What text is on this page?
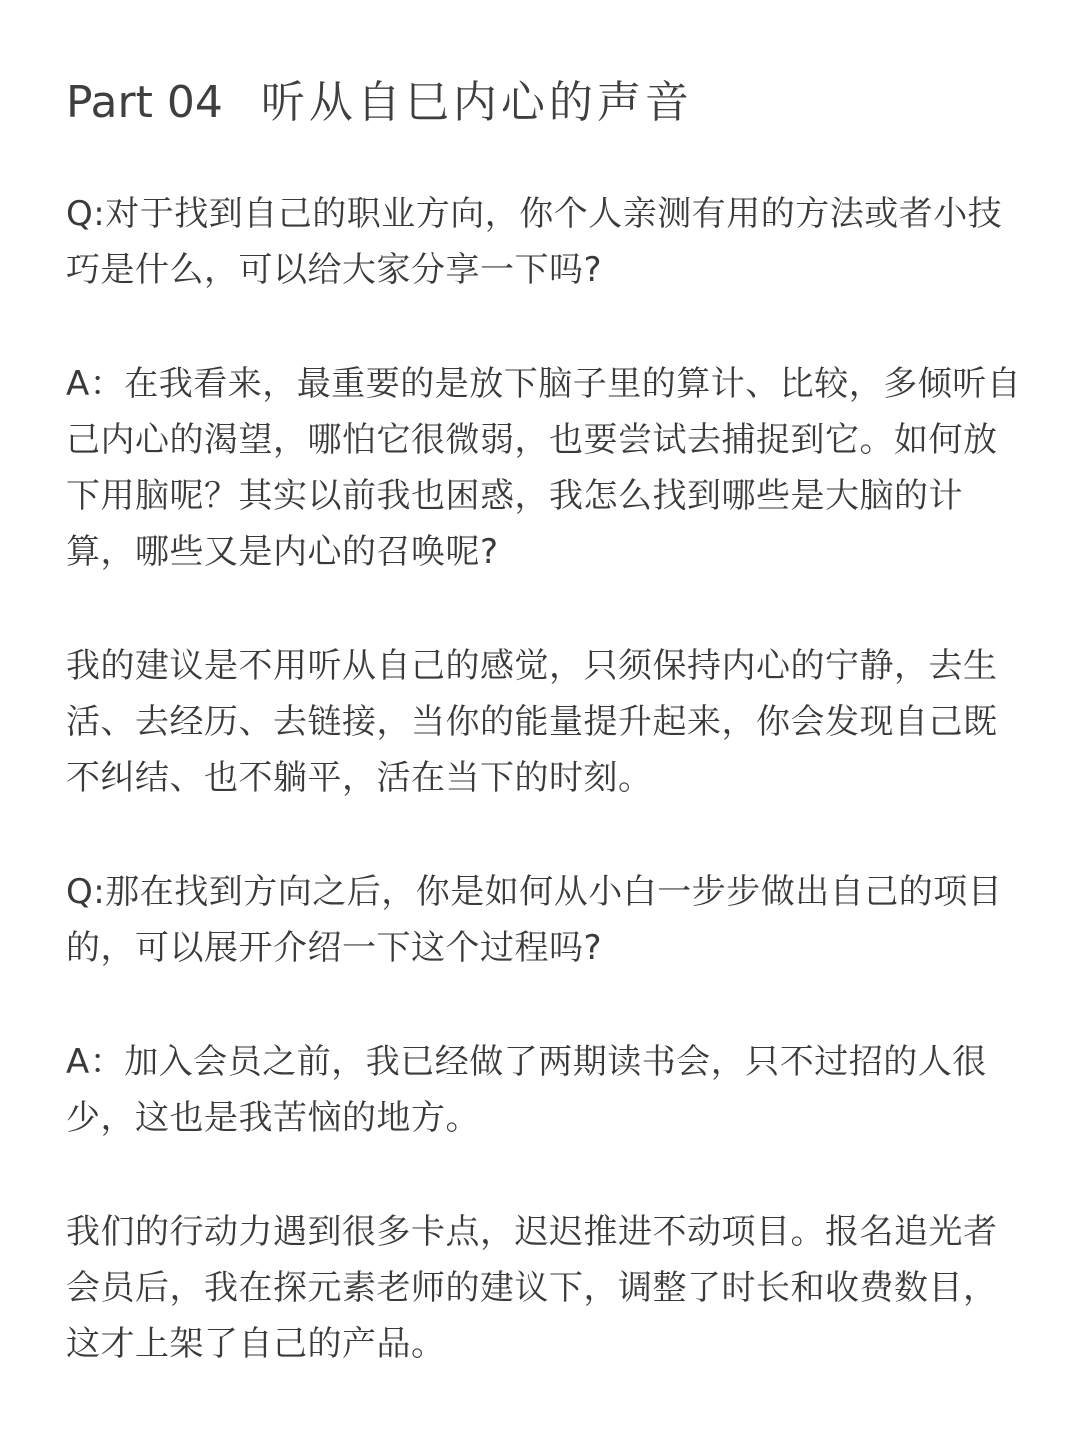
Part 04 听从自巳内心的声音

Q:对于找到自己的职业方向，你个人亲测有用的方法或者小技巧是什么，可以给大家分享一下吗?

A：在我看来，最重要的是放下脑子里的算计、比较，多倾听自己内心的渴望，哪怕它很微弱，也要尝试去捕捉到它。如何放下用脑呢？其实以前我也困惑，我怎么找到哪些是大脑的计算，哪些又是内心的召唤呢?

我的建议是不用听从自己的感觉，只须保持内心的宁静，去生活、去经历、去链接，当你的能量提升起来，你会发现自己既不纠结、也不躺平，活在当下的时刻。

Q:那在找到方向之后，你是如何从小白一步步做出自己的项目的，可以展开介绍一下这个过程吗?

A：加入会员之前，我已经做了两期读书会，只不过招的人很少，这也是我苦恼的地方。

我们的行动力遇到很多卡点，迟迟推进不动项目。报名追光者会员后，我在探元素老师的建议下，调整了时长和收费数目，这才上架了自己的产品。
